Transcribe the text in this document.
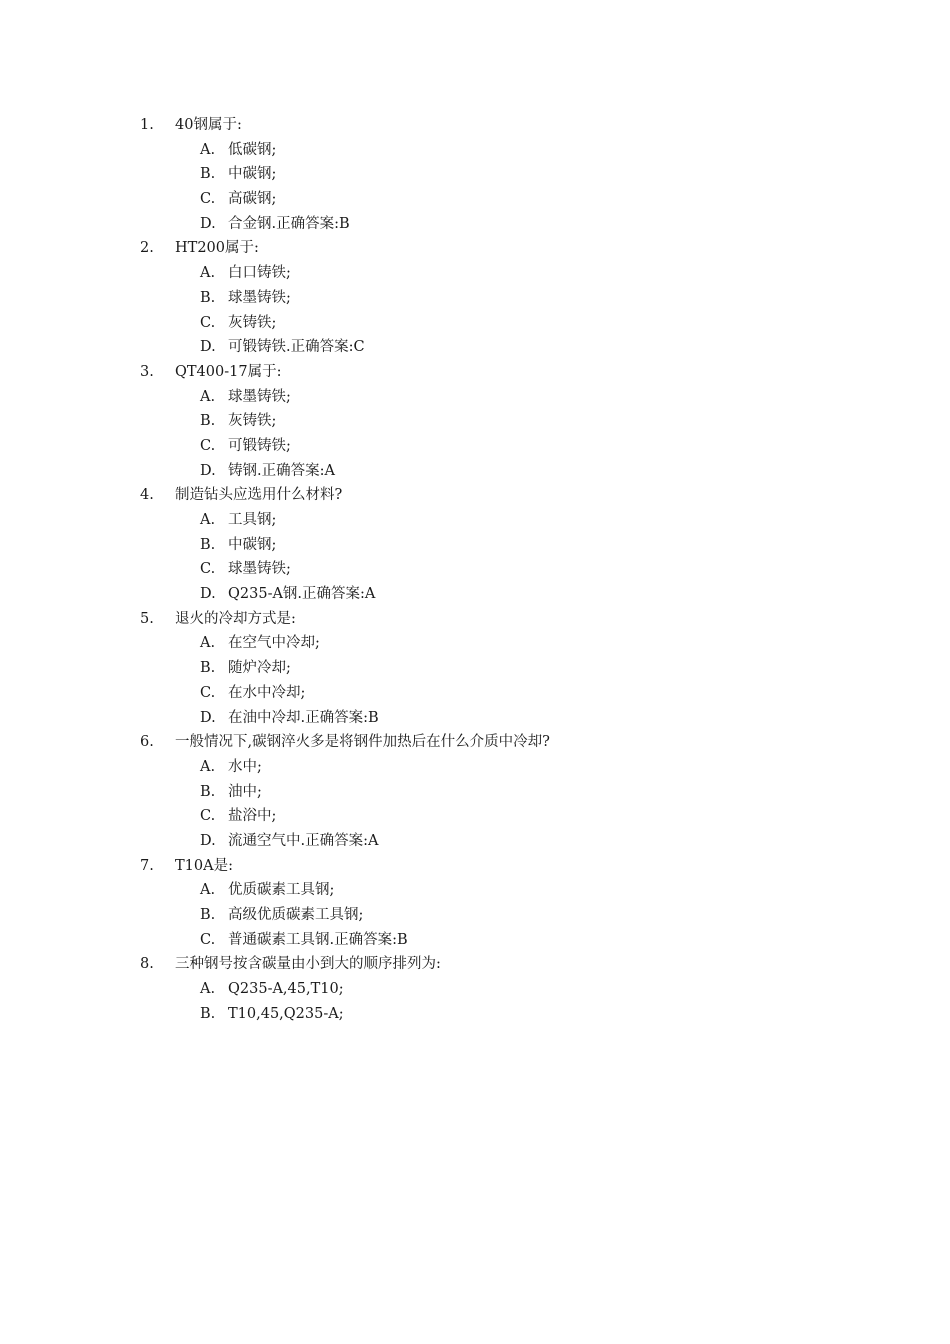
1. 40钢属于:
A. 低碳钢;
B. 中碳钢;
C. 高碳钢;
D. 合金钢.正确答案:B
2. HT200属于:
A. 白口铸铁;
B. 球墨铸铁;
C. 灰铸铁;
D. 可锻铸铁.正确答案:C
3. QT400-17属于:
A. 球墨铸铁;
B. 灰铸铁;
C. 可锻铸铁;
D. 铸钢.正确答案:A
4. 制造钻头应选用什么材料?
A. 工具钢;
B. 中碳钢;
C. 球墨铸铁;
D. Q235-A钢.正确答案:A
5. 退火的冷却方式是:
A. 在空气中冷却;
B. 随炉冷却;
C. 在水中冷却;
D. 在油中冷却.正确答案:B
6. 一般情况下,碳钢淬火多是将钢件加热后在什么介质中冷却?
A. 水中;
B. 油中;
C. 盐浴中;
D. 流通空气中.正确答案:A
7. T10A是:
A. 优质碳素工具钢;
B. 高级优质碳素工具钢;
C. 普通碳素工具钢.正确答案:B
8. 三种钢号按含碳量由小到大的顺序排列为:
A. Q235-A,45,T10;
B. T10,45,Q235-A;
